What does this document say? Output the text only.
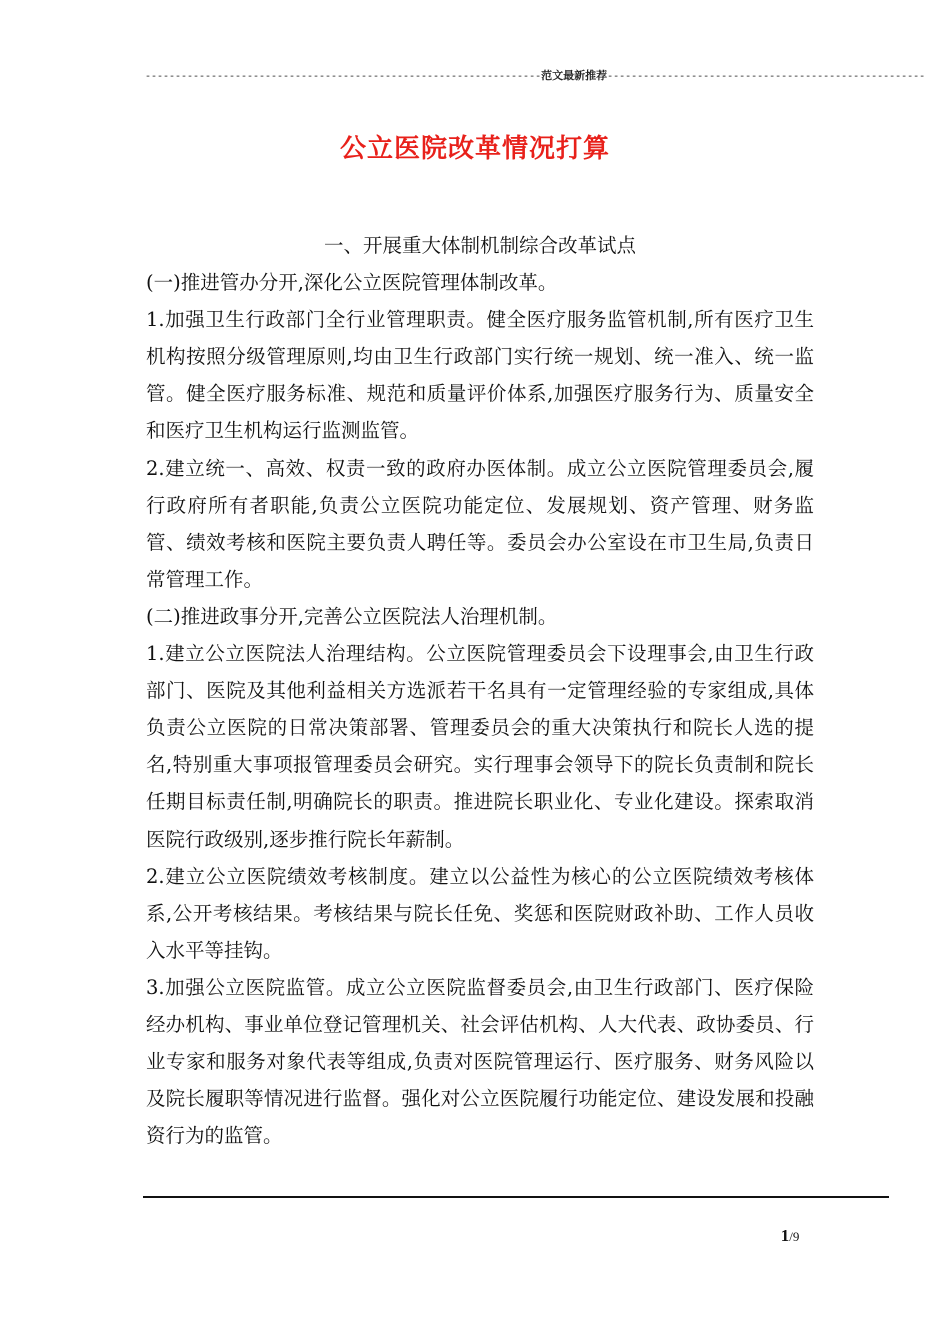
------------------------------------------------------------------范文最新推荐-----------------------------------------------------
公立医院改革情况打算

一、开展重大体制机制综合改革试点

(一)推进管办分开,深化公立医院管理体制改革。

1.加强卫生行政部门全行业管理职责。健全医疗服务监管机制,所有医疗卫生机构按照分级管理原则,均由卫生行政部门实行统一规划、统一准入、统一监管。健全医疗服务标准、规范和质量评价体系,加强医疗服务行为、质量安全和医疗卫生机构运行监测监管。

2.建立统一、高效、权责一致的政府办医体制。成立公立医院管理委员会,履行政府所有者职能,负责公立医院功能定位、发展规划、资产管理、财务监管、绩效考核和医院主要负责人聘任等。委员会办公室设在市卫生局,负责日常管理工作。

(二)推进政事分开,完善公立医院法人治理机制。

1.建立公立医院法人治理结构。公立医院管理委员会下设理事会,由卫生行政部门、医院及其他利益相关方选派若干名具有一定管理经验的专家组成,具体负责公立医院的日常决策部署、管理委员会的重大决策执行和院长人选的提名,特别重大事项报管理委员会研究。实行理事会领导下的院长负责制和院长任期目标责任制,明确院长的职责。推进院长职业化、专业化建设。探索取消医院行政级别,逐步推行院长年薪制。

2.建立公立医院绩效考核制度。建立以公益性为核心的公立医院绩效考核体系,公开考核结果。考核结果与院长任免、奖惩和医院财政补助、工作人员收入水平等挂钩。

3.加强公立医院监管。成立公立医院监督委员会,由卫生行政部门、医疗保险经办机构、事业单位登记管理机关、社会评估机构、人大代表、政协委员、行业专家和服务对象代表等组成,负责对医院管理运行、医疗服务、财务风险以及院长履职等情况进行监督。强化对公立医院履行功能定位、建设发展和投融资行为的监管。

1/9
